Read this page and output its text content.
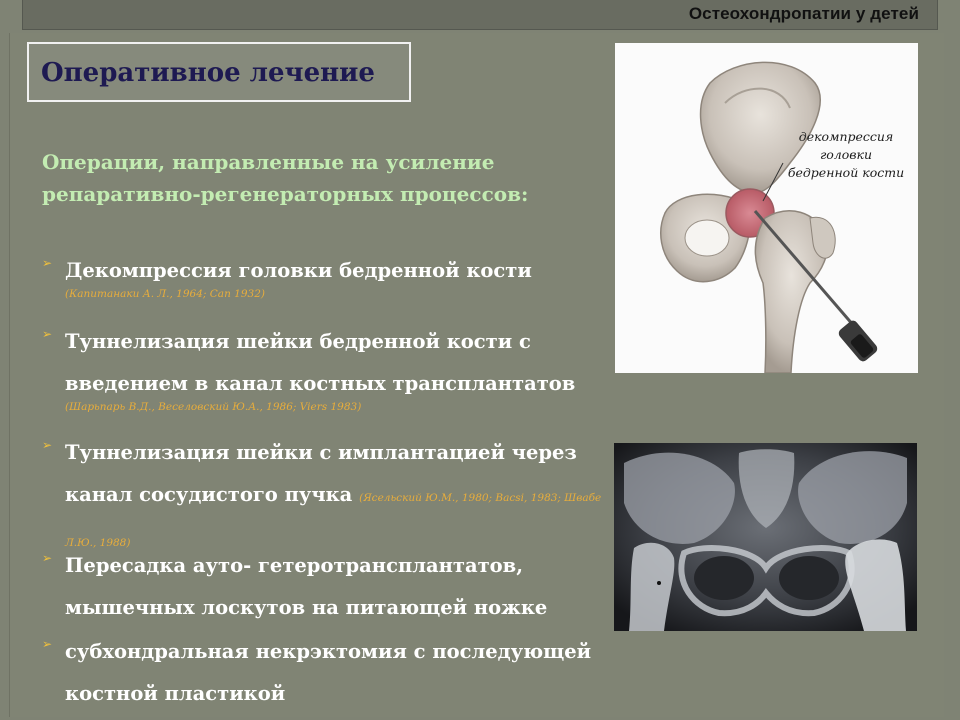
Остеохондропатии у детей
Оперативное лечение
Операции, направленные на усиление репаративно-регенераторных процессов:
➢ Декомпрессия головки бедренной кости
(Капитанаки А. Л., 1964; Сап 1932)
➢ Туннелизация шейки бедренной кости с введением в канал костных трансплантатов
(Шарьпарь В.Д., Веселовский Ю.А., 1986; Viers 1983)
➢ Туннелизация шейки с имплантацией через канал сосудистого пучка (Ясельский Ю.М., 1980; Bacsi, 1983; Швабе Л.Ю., 1988)
➢ Пересадка ауто- гетеротрансплантатов, мышечных лоскутов на питающей ножке
➢ субхондральная некрэктомия с последующей костной пластикой
декомпрессия головки бедренной кости
